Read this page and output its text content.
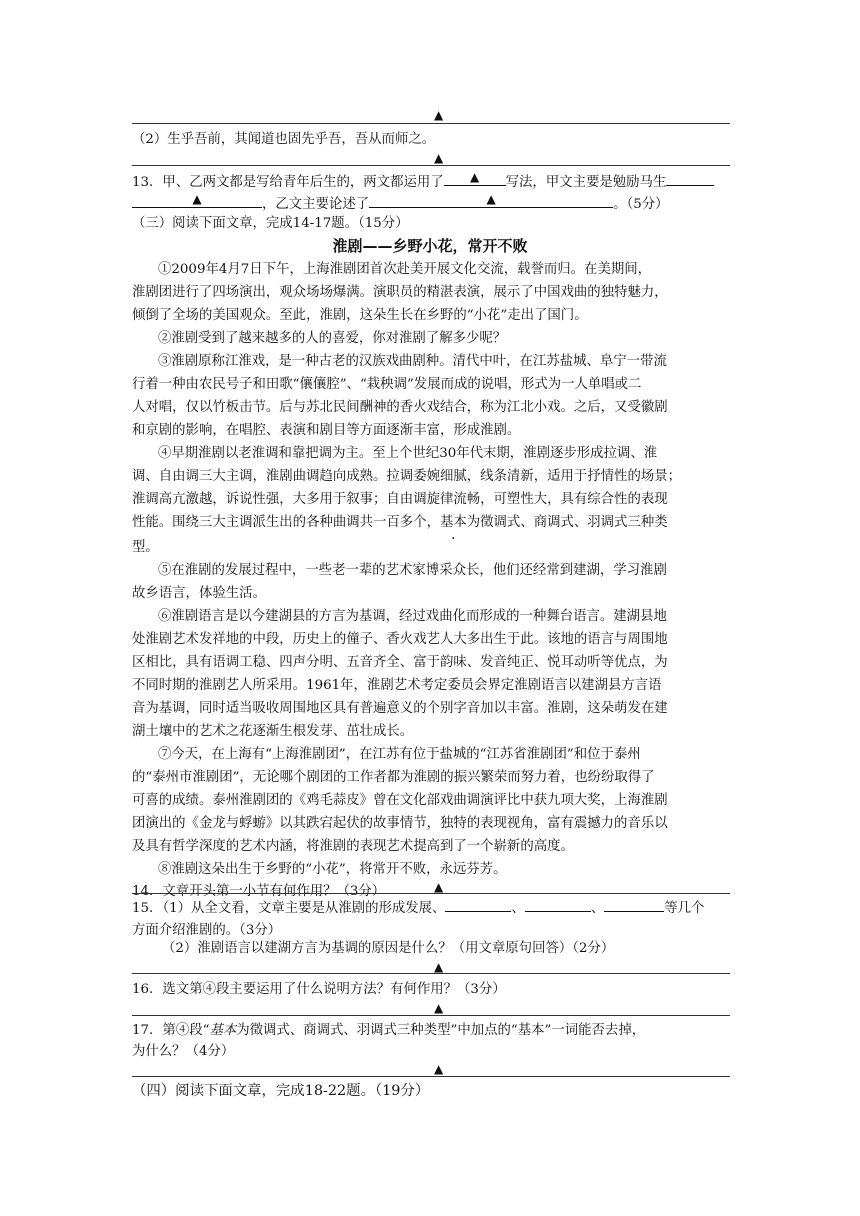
▲
（2）生乎吾前，其闻道也固先乎吾，吾从而师之。
▲
13．甲、乙两文都是写给青年后生的，两文都运用了 ▲ 写法，甲文主要是勉励马生
▲	，乙文主要论述了	▲	。（5分）
（三）阅读下面文章，完成14-17题。（15分）
淮剧——乡野小花，常开不败
①2009年4月7日下午，上海淮剧团首次赴美开展文化交流，载誉而归。在美期间，
淮剧团进行了四场演出，观众场场爆满。演职员的精湛表演，展示了中国戏曲的独特魅力，
倾倒了全场的美国观众。至此，淮剧，这朵生长在乡野的“小花”走出了国门。
②淮剧受到了越来越多的人的喜爱，你对淮剧了解多少呢？
③淮剧原称江淮戏，是一种古老的汉族戏曲剧种。清代中叶，在江苏盐城、阜宁一带流
行着一种由农民号子和田歌“儴儴腔”、“栽秧调”发展而成的说唱，形式为一人单唱或二
人对唱，仅以竹板击节。后与苏北民间酬神的香火戏结合，称为江北小戏。之后，又受徽剧
和京剧的影响，在唱腔、表演和剧目等方面逐渐丰富，形成淮剧。
④早期淮剧以老淮调和靠把调为主。至上个世纪30年代末期，淮剧逐步形成拉调、淮
调、自由调三大主调，淮剧曲调趋向成熟。拉调委婉细腻，线条清新，适用于抒情性的场景；
淮调高亢激越，诉说性强，大多用于叙事；自由调旋律流畅，可塑性大，具有综合性的表现
性能。围绕三大主调派生出的各种曲调共一百多个，基本为徵调式、商调式、羽调式三种类
型。
⑤在淮剧的发展过程中，一些老一辈的艺术家博采众长，他们还经常到建湖，学习淮剧
故乡语言，体验生活。
⑥淮剧语言是以今建湖县的方言为基调，经过戏曲化而形成的一种舞台语言。建湖县地
处淮剧艺术发祥地的中段，历史上的僮子、香火戏艺人大多出生于此。该地的语言与周围地
区相比，具有语调工稳、四声分明、五音齐全、富于韵味、发音纯正、悦耳动听等优点，为
不同时期的淮剧艺人所采用。1961年，淮剧艺术考定委员会界定淮剧语言以建湖县方言语
音为基调，同时适当吸收周围地区具有普遍意义的个别字音加以丰富。淮剧，这朵萌发在建
湖土壤中的艺术之花逐渐生根发芽、茁壮成长。
⑦今天，在上海有“上海淮剧团”，在江苏有位于盐城的“江苏省淮剧团”和位于泰州
的“泰州市淮剧团”，无论哪个剧团的工作者都为淮剧的振兴繁荣而努力着，也纷纷取得了
可喜的成绩。泰州淮剧团的《鸡毛蒜皮》曾在文化部戏曲调演评比中获九项大奖，上海淮剧
团演出的《金龙与蜉蝣》以其跌宕起伏的故事情节，独特的表现视角，富有震撼力的音乐以
及具有哲学深度的艺术内涵，将淮剧的表现艺术提高到了一个崭新的高度。
⑧淮剧这朵出生于乡野的“小花”，将常开不败，永远芬芳。
14．文章开头第一小节有何作用？（3分）	▲
15．（1）从全文看，文章主要是从淮剧的形成发展、	、	、	等几个
方面介绍淮剧的。（3分）
（2）淮剧语言以建湖方言为基调的原因是什么？（用文章原句回答）（2分）
▲
16．选文第④段主要运用了什么说明方法？有何作用？（3分）
▲
17．第④段“基本为徵调式、商调式、羽调式三种类型”中加点的“基本”一词能否去掉，
为什么？（4分）
▲
（四）阅读下面文章，完成18-22题。（19分）
